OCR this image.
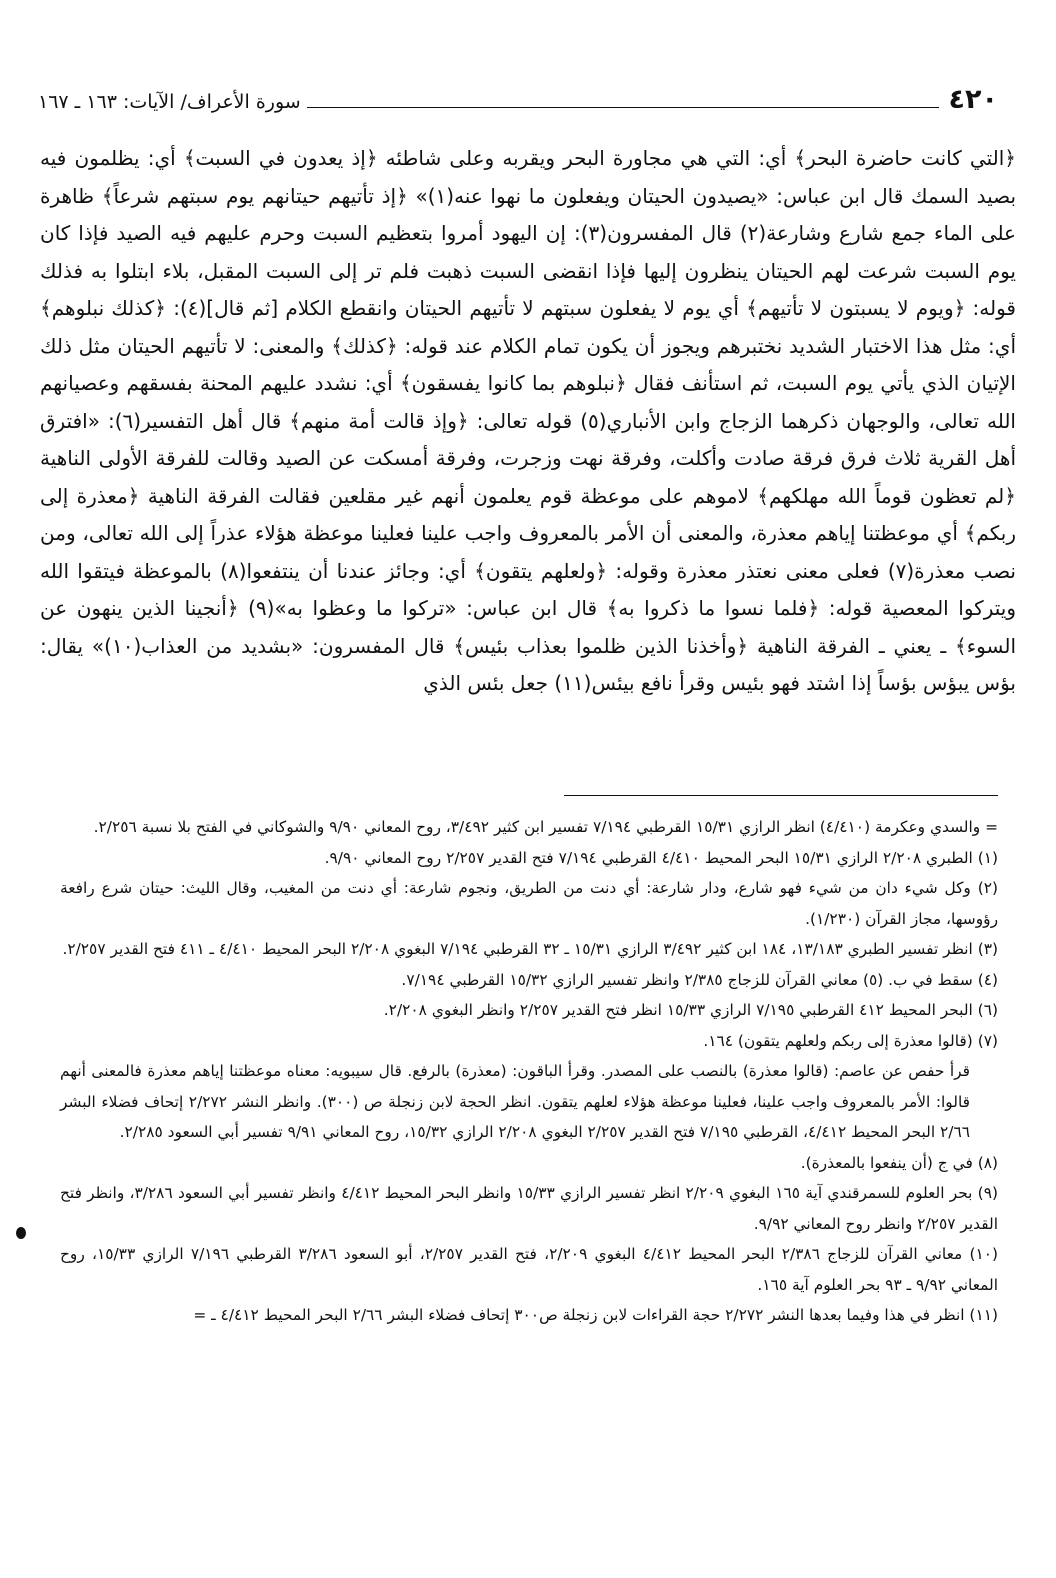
٤٢٠
سورة الأعراف/ الآيات: ١٦٣ ـ ١٦٧

﴿التي كانت حاضرة البحر﴾ أي: التي هي مجاورة البحر ويقربه وعلى شاطئه ﴿إذ يعدون في السبت﴾ أي: يظلمون فيه بصيد السمك قال ابن عباس: «يصيدون الحيتان ويفعلون ما نهوا عنه(١)» ﴿إذ تأتيهم حيتانهم يوم سبتهم شرعاً﴾ ظاهرة على الماء جمع شارع وشارعة(٢) قال المفسرون(٣): إن اليهود أمروا بتعظيم السبت وحرم عليهم فيه الصيد فإذا كان يوم السبت شرعت لهم الحيتان ينظرون إليها فإذا انقضى السبت ذهبت فلم تر إلى السبت المقبل، بلاء ابتلوا به فذلك قوله: ﴿ويوم لا يسبتون لا تأتيهم﴾ أي يوم لا يفعلون سبتهم لا تأتيهم الحيتان وانقطع الكلام [ثم قال](٤): ﴿كذلك نبلوهم﴾ أي: مثل هذا الاختبار الشديد نختبرهم ويجوز أن يكون تمام الكلام عند قوله: ﴿كذلك﴾ والمعنى: لا تأتيهم الحيتان مثل ذلك الإتيان الذي يأتي يوم السبت، ثم استأنف فقال ﴿نبلوهم بما كانوا يفسقون﴾ أي: نشدد عليهم المحنة بفسقهم وعصيانهم الله تعالى، والوجهان ذكرهما الزجاج وابن الأنباري(٥) قوله تعالى: ﴿وإذ قالت أمة منهم﴾ قال أهل التفسير(٦): «افترق أهل القرية ثلاث فرق فرقة صادت وأكلت، وفرقة نهت وزجرت، وفرقة أمسكت عن الصيد وقالت للفرقة الأولى الناهية ﴿لم تعظون قوماً الله مهلكهم﴾ لاموهم على موعظة قوم يعلمون أنهم غير مقلعين فقالت الفرقة الناهية ﴿معذرة إلى ربكم﴾ أي موعظتنا إياهم معذرة، والمعنى أن الأمر بالمعروف واجب علينا فعلينا موعظة هؤلاء عذراً إلى الله تعالى، ومن نصب معذرة(٧) فعلى معنى نعتذر معذرة وقوله: ﴿ولعلهم يتقون﴾ أي: وجائز عندنا أن ينتفعوا(٨) بالموعظة فيتقوا الله ويتركوا المعصية قوله: ﴿فلما نسوا ما ذكروا به﴾ قال ابن عباس: «تركوا ما وعظوا به»(٩) ﴿أنجينا الذين ينهون عن السوء﴾ ـ يعني ـ الفرقة الناهية ﴿وأخذنا الذين ظلموا بعذاب بئيس﴾ قال المفسرون: «بشديد من العذاب(١٠)» يقال: بؤس يبؤس بؤساً إذا اشتد فهو بئيس وقرأ نافع بيئس(١١) جعل بئس الذي

= والسدي وعكرمة (٤/٤١٠) انظر الرازي ١٥/٣١ القرطبي ٧/١٩٤ تفسير ابن كثير ٣/٤٩٢، روح المعاني ٩/٩٠ والشوكاني في الفتح بلا نسبة ٢/٢٥٦.

(١) الطبري ٢/٢٠٨ الرازي ١٥/٣١ البحر المحيط ٤/٤١٠ القرطبي ٧/١٩٤ فتح القدير ٢/٢٥٧ روح المعاني ٩/٩٠.

(٢) وكل شيء دان من شيء فهو شارع، ودار شارعة: أي دنت من الطريق، ونجوم شارعة: أي دنت من المغيب، وقال الليث: حيتان شرع رافعة رؤوسها، مجاز القرآن (١/٢٣٠).

(٣) انظر تفسير الطبري ١٣/١٨٣، ١٨٤ ابن كثير ٣/٤٩٢ الرازي ١٥/٣١ ـ ٣٢ القرطبي ٧/١٩٤ البغوي ٢/٢٠٨ البحر المحيط ٤/٤١٠ ـ ٤١١ فتح القدير ٢/٢٥٧.

(٤) سقط في ب. (٥) معاني القرآن للزجاج ٢/٣٨٥ وانظر تفسير الرازي ١٥/٣٢ القرطبي ٧/١٩٤.

(٦) البحر المحيط ٤١٢ القرطبي ٧/١٩٥ الرازي ١٥/٣٣ انظر فتح القدير ٢/٢٥٧ وانظر البغوي ٢/٢٠٨.

(٧) (قالوا معذرة إلى ربكم ولعلهم يتقون) ١٦٤.

قرأ حفص عن عاصم: (قالوا معذرة) بالنصب على المصدر. وقرأ الباقون: (معذرة) بالرفع. قال سيبويه: معناه موعظتنا إياهم معذرة فالمعنى أنهم قالوا: الأمر بالمعروف واجب علينا، فعلينا موعظة هؤلاء لعلهم يتقون. انظر الحجة لابن زنجلة ص (٣٠٠). وانظر النشر ٢/٢٧٢ إتحاف فضلاء البشر ٢/٦٦ البحر المحيط ٤/٤١٢، القرطبي ٧/١٩٥ فتح القدير ٢/٢٥٧ البغوي ٢/٢٠٨ الرازي ١٥/٣٢، روح المعاني ٩/٩١ تفسير أبي السعود ٢/٢٨٥.

(٨) في ج (أن ينفعوا بالمعذرة).

(٩) بحر العلوم للسمرقندي آية ١٦٥ البغوي ٢/٢٠٩ انظر تفسير الرازي ١٥/٣٣ وانظر البحر المحيط ٤/٤١٢ وانظر تفسير أبي السعود ٣/٢٨٦، وانظر فتح القدير ٢/٢٥٧ وانظر روح المعاني ٩/٩٢.

(١٠) معاني القرآن للزجاج ٢/٣٨٦ البحر المحيط ٤/٤١٢ البغوي ٢/٢٠٩، فتح القدير ٢/٢٥٧، أبو السعود ٣/٢٨٦ القرطبي ٧/١٩٦ الرازي ١٥/٣٣، روح المعاني ٩/٩٢ ـ ٩٣ بحر العلوم آية ١٦٥.

(١١) انظر في هذا وفيما بعدها النشر ٢/٢٧٢ حجة القراءات لابن زنجلة ص٣٠٠ إتحاف فضلاء البشر ٢/٦٦ البحر المحيط ٤/٤١٢ ـ =
